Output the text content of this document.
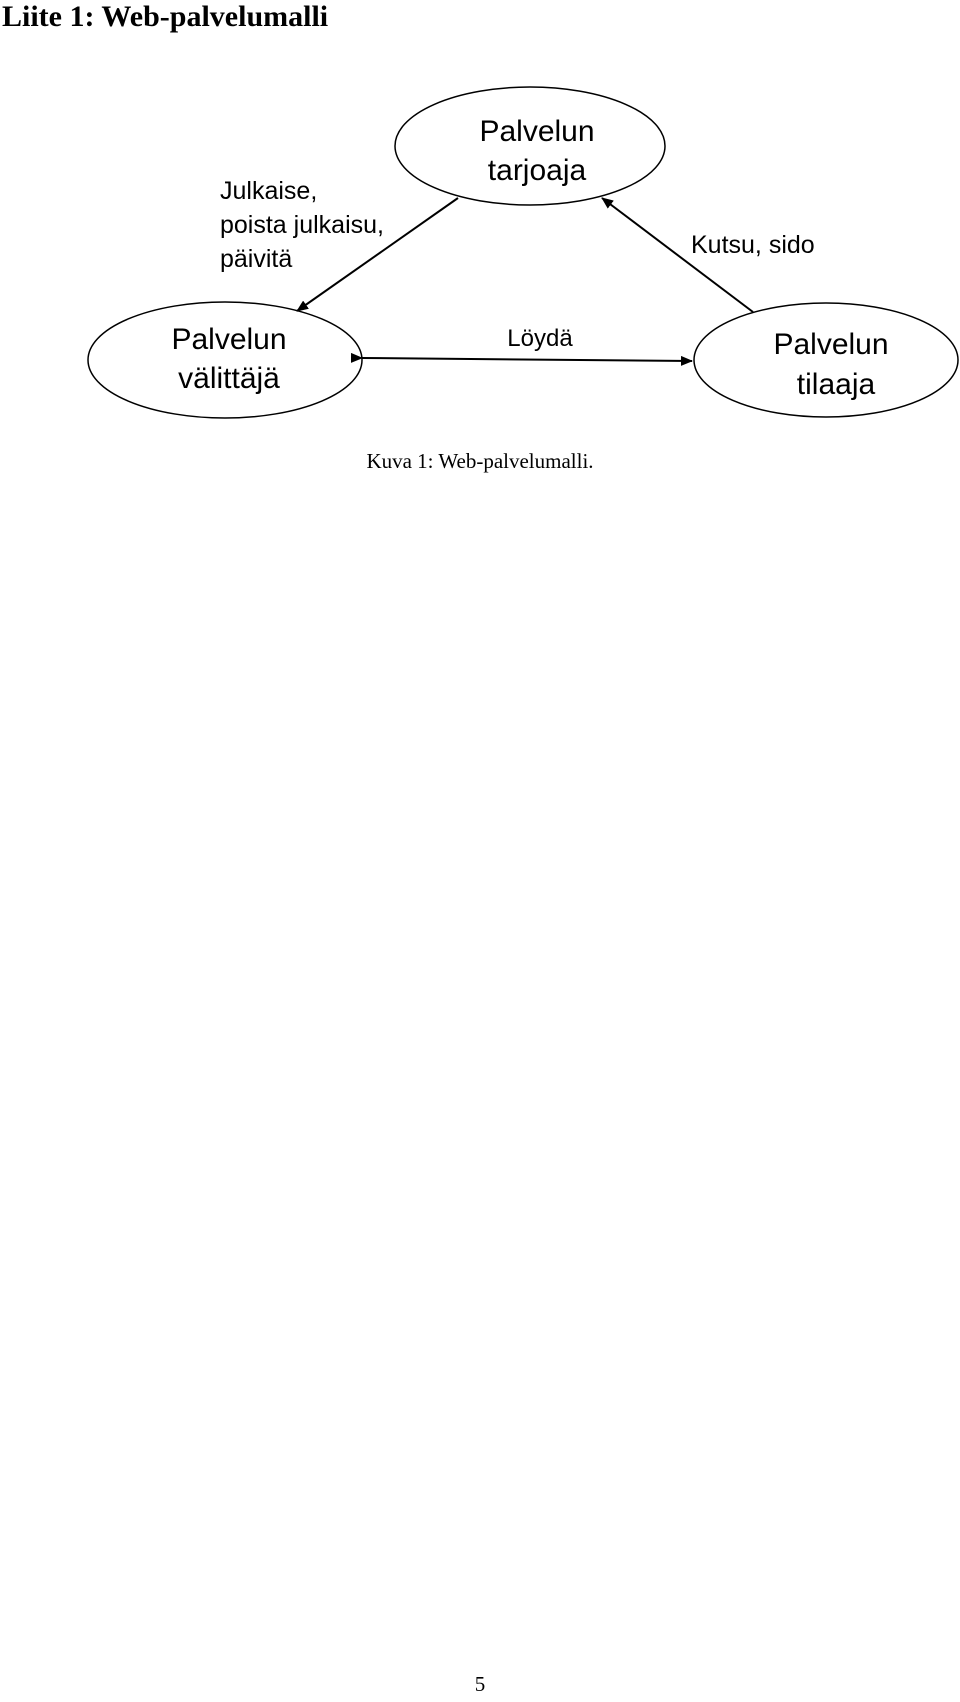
Liite 1: Web-palvelumalli
Palvelun
tarjoaja
Palvelun
välittäjä
Palvelun
tilaaja
Julkaise,
poista julkaisu,
päivitä	Kutsu, sido
Löydä
Kuva 1: Web-palvelumalli.
5
